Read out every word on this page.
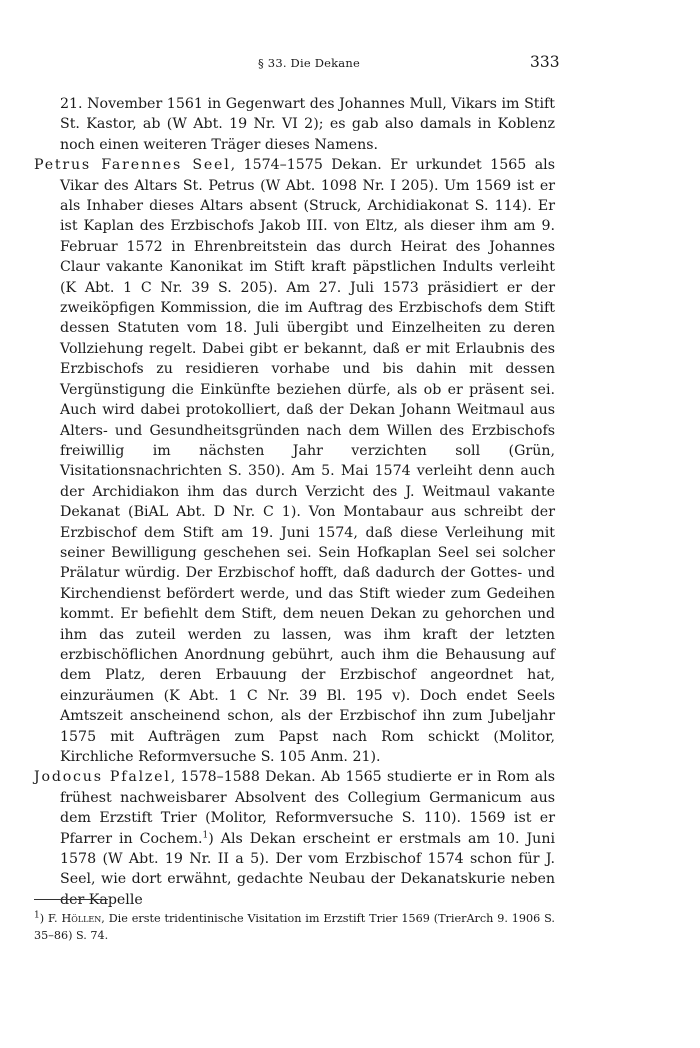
§ 33. Die Dekane	333

21. November 1561 in Gegenwart des Johannes Mull, Vikars im Stift St. Kastor, ab (W Abt. 19 Nr. VI 2); es gab also damals in Koblenz noch einen weiteren Träger dieses Namens.

Petrus Farennes Seel, 1574–1575 Dekan. Er urkundet 1565 als Vikar des Altars St. Petrus (W Abt. 1098 Nr. I 205). Um 1569 ist er als Inhaber dieses Altars absent (Struck, Archidiakonat S. 114). Er ist Kaplan des Erzbischofs Jakob III. von Eltz, als dieser ihm am 9. Februar 1572 in Ehrenbreitstein das durch Heirat des Johannes Claur vakante Kanonikat im Stift kraft päpstlichen Indults verleiht (K Abt. 1 C Nr. 39 S. 205). Am 27. Juli 1573 präsidiert er der zweiköpfigen Kommission, die im Auftrag des Erzbischofs dem Stift dessen Statuten vom 18. Juli übergibt und Einzelheiten zu deren Vollziehung regelt. Dabei gibt er bekannt, daß er mit Erlaubnis des Erzbischofs zu residieren vorhabe und bis dahin mit dessen Vergünstigung die Einkünfte beziehen dürfe, als ob er präsent sei. Auch wird dabei protokolliert, daß der Dekan Johann Weitmaul aus Alters- und Gesundheitsgründen nach dem Willen des Erzbischofs freiwillig im nächsten Jahr verzichten soll (Grün, Visitationsnachrichten S. 350). Am 5. Mai 1574 verleiht denn auch der Archidiakon ihm das durch Verzicht des J. Weitmaul vakante Dekanat (BiAL Abt. D Nr. C 1). Von Montabaur aus schreibt der Erzbischof dem Stift am 19. Juni 1574, daß diese Verleihung mit seiner Bewilligung geschehen sei. Sein Hofkaplan Seel sei solcher Prälatur würdig. Der Erzbischof hofft, daß dadurch der Gottes- und Kirchendienst befördert werde, und das Stift wieder zum Gedeihen kommt. Er befiehlt dem Stift, dem neuen Dekan zu gehorchen und ihm das zuteil werden zu lassen, was ihm kraft der letzten erzbischöflichen Anordnung gebührt, auch ihm die Behausung auf dem Platz, deren Erbauung der Erzbischof angeordnet hat, einzuräumen (K Abt. 1 C Nr. 39 Bl. 195 v). Doch endet Seels Amtszeit anscheinend schon, als der Erzbischof ihn zum Jubeljahr 1575 mit Aufträgen zum Papst nach Rom schickt (Molitor, Kirchliche Reformversuche S. 105 Anm. 21).

Jodocus Pfalzel, 1578–1588 Dekan. Ab 1565 studierte er in Rom als frühest nachweisbarer Absolvent des Collegium Germanicum aus dem Erzstift Trier (Molitor, Reformversuche S. 110). 1569 ist er Pfarrer in Cochem.$^1$) Als Dekan erscheint er erstmals am 10. Juni 1578 (W Abt. 19 Nr. II a 5). Der vom Erzbischof 1574 schon für J. Seel, wie dort erwähnt, gedachte Neubau der Dekanatskurie neben der Kapelle

$^1$) F. Höllen, Die erste tridentinische Visitation im Erzstift Trier 1569 (TrierArch 9. 1906 S. 35–86) S. 74.
